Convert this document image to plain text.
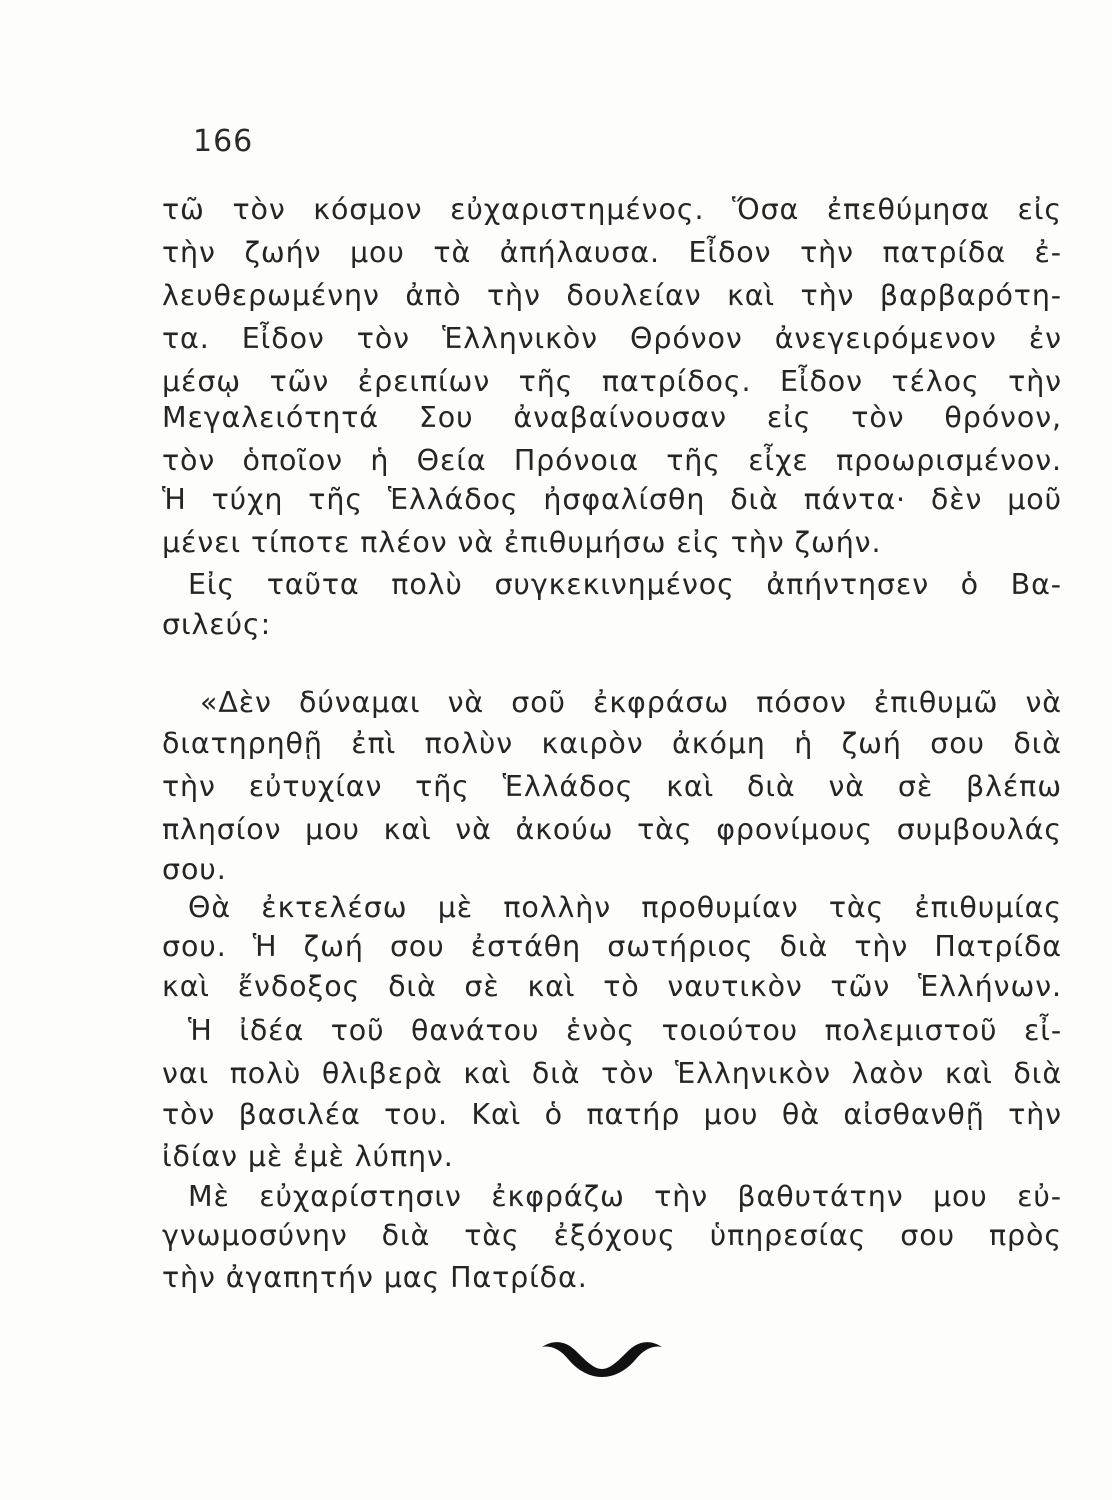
166
τῶ τὸν κόσμον εὐχαριστημένος. Ὅσα ἐπεθύμησα εἰς
τὴν ζωήν μου τὰ ἀπήλαυσα. Εἶδον τὴν πατρίδα ἐ-
λευθερωμένην ἀπὸ τὴν δουλείαν καὶ τὴν βαρβαρότη-
τα. Εἶδον τὸν Ἑλληνικὸν Θρόνον ἀνεγειρόμενον ἐν
μέσῳ τῶν ἐρειπίων τῆς πατρίδος. Εἶδον τέλος τὴν
Μεγαλειότητά Σου ἀναβαίνουσαν εἰς τὸν θρόνον,
τὸν ὁποῖον ἡ Θεία Πρόνοια τῆς εἶχε προωρισμένον.
Ἡ τύχη τῆς Ἑλλάδος ἠσφαλίσθη διὰ πάντα· δὲν μοῦ
μένει τίποτε πλέον νὰ ἐπιθυμήσω εἰς τὴν ζωήν.
Εἰς ταῦτα πολὺ συγκεκινημένος ἀπήντησεν ὁ Βα-
σιλεύς:
«Δὲν δύναμαι νὰ σοῦ ἐκφράσω πόσον ἐπιθυμῶ νὰ
διατηρηθῇ ἐπὶ πολὺν καιρὸν ἀκόμη ἡ ζωή σου διὰ
τὴν εὐτυχίαν τῆς Ἑλλάδος καὶ διὰ νὰ σὲ βλέπω
πλησίον μου καὶ νὰ ἀκούω τὰς φρονίμους συμβουλάς
σου.
Θὰ ἐκτελέσω μὲ πολλὴν προθυμίαν τὰς ἐπιθυμίας
σου. Ἡ ζωή σου ἐστάθη σωτήριος διὰ τὴν Πατρίδα
καὶ ἔνδοξος διὰ σὲ καὶ τὸ ναυτικὸν τῶν Ἑλλήνων.
Ἡ ἰδέα τοῦ θανάτου ἑνὸς τοιούτου πολεμιστοῦ εἶ-
ναι πολὺ θλιβερὰ καὶ διὰ τὸν Ἑλληνικὸν λαὸν καὶ διὰ
τὸν βασιλέα του. Καὶ ὁ πατήρ μου θὰ αἰσθανθῇ τὴν
ἰδίαν μὲ ἐμὲ λύπην.
Μὲ εὐχαρίστησιν ἐκφράζω τὴν βαθυτάτην μου εὐ-
γνωμοσύνην διὰ τὰς ἐξόχους ὑπηρεσίας σου πρὸς
τὴν ἀγαπητήν μας Πατρίδα.
